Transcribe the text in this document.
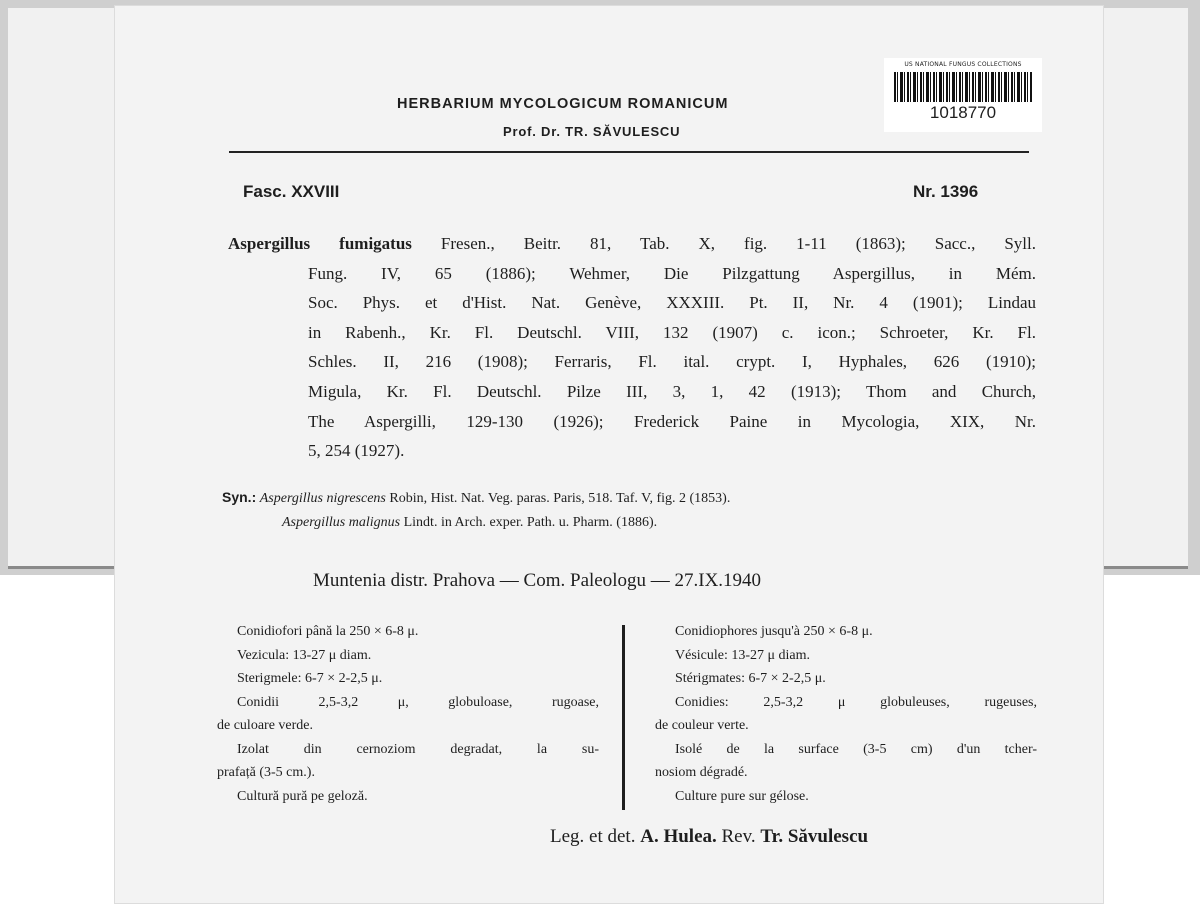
US NATIONAL FUNGUS COLLECTIONS
1018770
HERBARIUM MYCOLOGICUM ROMANICUM
Prof. Dr. TR. SĂVULESCU
Fasc. XXVIII	Nr. 1396
Aspergillus fumigatus Fresen., Beitr. 81, Tab. X, fig. 1-11 (1863); Sacc., Syll.
Fung. IV, 65 (1886); Wehmer, Die Pilzgattung Aspergillus, in Mém.
Soc. Phys. et d'Hist. Nat. Genève, XXXIII. Pt. II, Nr. 4 (1901); Lindau
in Rabenh., Kr. Fl. Deutschl. VIII, 132 (1907) c. icon.; Schroeter, Kr. Fl.
Schles. II, 216 (1908); Ferraris, Fl. ital. crypt. I, Hyphales, 626 (1910);
Migula, Kr. Fl. Deutschl. Pilze III, 3, 1, 42 (1913); Thom and Church,
The Aspergilli, 129-130 (1926); Frederick Paine in Mycologia, XIX, Nr.
5, 254 (1927).
Syn.: Aspergillus nigrescens Robin, Hist. Nat. Veg. paras. Paris, 518. Taf. V, fig. 2 (1853).
Aspergillus malignus Lindt. in Arch. exper. Path. u. Pharm. (1886).
Muntenia distr. Prahova — Com. Paleologu — 27.IX.1940
Conidiofori până la 250 × 6-8 μ.
Vezicula: 13-27 μ diam.
Sterigmele: 6-7 × 2-2,5 μ.
Conidii 2,5-3,2 μ, globuloase, rugoase,
de culoare verde.
Izolat din cernoziom degradat, la su-
prafață (3-5 cm.).
Cultură pură pe geloză.
Conidiophores jusqu'à 250 × 6-8 μ.
Vésicule: 13-27 μ diam.
Stérigmates: 6-7 × 2-2,5 μ.
Conidies: 2,5-3,2 μ globuleuses, rugeuses,
de couleur verte.
Isolé de la surface (3-5 cm) d'un tcher-
nosiom dégradé.
Culture pure sur gélose.
Leg. et det. A. Hulea. Rev. Tr. Săvulescu
